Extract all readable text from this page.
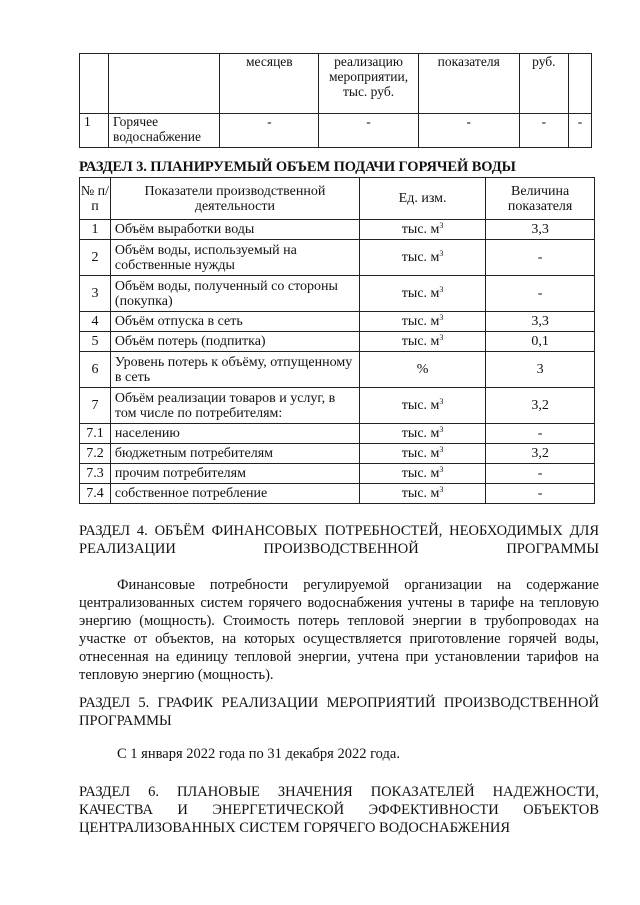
		месяцев	реализацию мероприятии, тыс. руб.	показателя	руб.	
1	Горячее водоснабжение	-	-	-	-	-
РАЗДЕЛ 3. ПЛАНИРУЕМЫЙ ОБЪЕМ ПОДАЧИ ГОРЯЧЕЙ ВОДЫ
№ п/п	Показатели производственной деятельности	Ед. изм.	Величина показателя
1	Объём выработки воды	тыс. $м^3$	3,3
2	Объём воды, используемый на собственные нужды	тыс. $м^3$	-
3	Объём воды, полученный со стороны (покупка)	тыс. $м^3$	-
4	Объём отпуска в сеть	тыс. $м^3$	3,3
5	Объём потерь (подпитка)	тыс. $м^3$	0,1
6	Уровень потерь к объёму, отпущенному в сеть	%	3
7	Объём реализации товаров и услуг, в том числе по потребителям:	тыс. $м^3$	3,2
7.1	населению	тыс. $м^3$	-
7.2	бюджетным потребителям	тыс. $м^3$	3,2
7.3	прочим потребителям	тыс. $м^3$	-
7.4	собственное потребление	тыс. $м^3$	-
РАЗДЕЛ 4. ОБЪЁМ ФИНАНСОВЫХ ПОТРЕБНОСТЕЙ, НЕОБХОДИМЫХ ДЛЯ РЕАЛИЗАЦИИ ПРОИЗВОДСТВЕННОЙ ПРОГРАММЫ

Финансовые потребности регулируемой организации на содержание централизованных систем горячего водоснабжения учтены в тарифе на тепловую энергию (мощность). Стоимость потерь тепловой энергии в трубопроводах на участке от объектов, на которых осуществляется приготовление горячей воды, отнесенная на единицу тепловой энергии, учтена при установлении тарифов на тепловую энергию (мощность).

РАЗДЕЛ 5. ГРАФИК РЕАЛИЗАЦИИ МЕРОПРИЯТИЙ ПРОИЗВОДСТВЕННОЙ ПРОГРАММЫ

С 1 января 2022 года по 31 декабря 2022 года.

РАЗДЕЛ 6. ПЛАНОВЫЕ ЗНАЧЕНИЯ ПОКАЗАТЕЛЕЙ НАДЕЖНОСТИ, КАЧЕСТВА И ЭНЕРГЕТИЧЕСКОЙ ЭФФЕКТИВНОСТИ ОБЪЕКТОВ ЦЕНТРАЛИЗОВАННЫХ СИСТЕМ ГОРЯЧЕГО ВОДОСНАБЖЕНИЯ
